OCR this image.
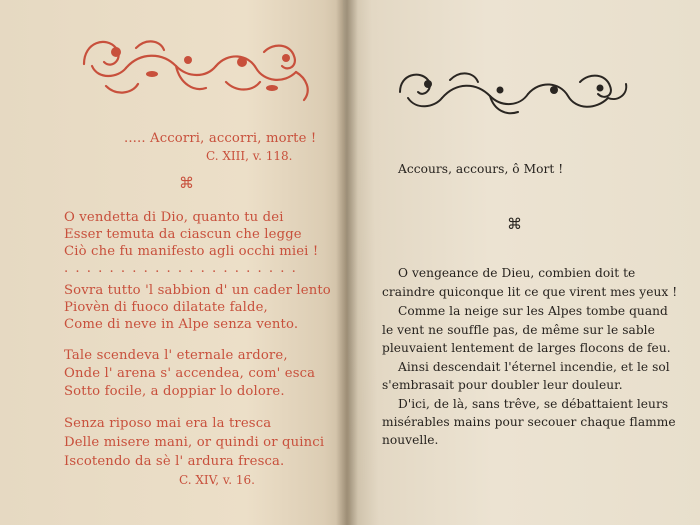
..... Accorri, accorri, morte !
C. XIII, v. 118.
⌘
O vendetta di Dio, quanto tu dei
Esser temuta da ciascun che legge
Ciò che fu manifesto agli occhi miei !
. . . . . . . . . . . . . . . . . . . . .
Sovra tutto 'l sabbion d' un cader lento
Piovèn di fuoco dilatate falde,
Come di neve in Alpe senza vento.
Tale scendeva l' eternale ardore,
Onde l' arena s' accendea, com' esca
Sotto focile, a doppiar lo dolore.
Senza riposo mai era la tresca
Delle misere mani, or quindi or quinci
Iscotendo da sè l' ardura fresca.
C. XIV, v. 16.
Accours, accours, ô Mort !
⌘
O vengeance de Dieu, combien doit te
craindre quiconque lit ce que virent mes yeux !
Comme la neige sur les Alpes tombe quand
le vent ne souffle pas, de même sur le sable
pleuvaient lentement de larges flocons de feu.
Ainsi descendait l'éternel incendie, et le sol
s'embrasait pour doubler leur douleur.
D'ici, de là, sans trêve, se débattaient leurs
misérables mains pour secouer chaque flamme
nouvelle.
